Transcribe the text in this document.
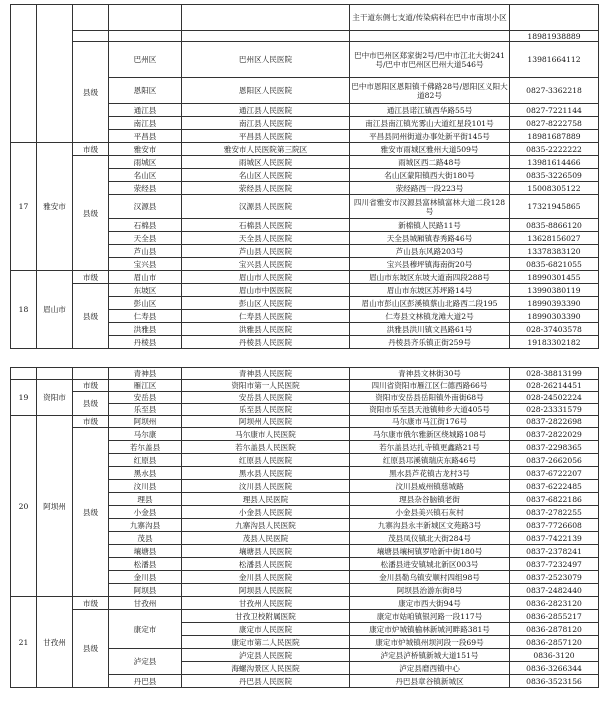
					主干道东侧七支道/传染病科在巴中市南坝小区	
						18981938889
		县级	巴州区	巴州区人民医院	巴中市巴州区郑家街2号/巴中市江北大街241号/巴中市巴州区巴州大道546号	13981664112
			恩阳区	恩阳区人民医院	巴中市恩阳区恩阳镇千佛路28号/恩阳区义阳大道82号	0827-3362218
			通江县	通江县人民医院	通江县诺江镇西华路55号	0827-7221144
			南江县	南江县人民医院	南江县南江镇光雾山大道红星段101号	0827-8222758
			平昌县	平昌县人民医院	平昌县同州街道办事处新平街145号	18981687889
17	雅安市	市级	雅安市	雅安市人民医院第三院区	雅安市雨城区雅州大道509号	0835-2222222
		县级	雨城区	雨城区人民医院	雨城区西二路48号	13981614466
			名山区	名山区人民医院	名山区蒙阳镇西大街180号	0835-3226509
			荥经县	荥经县人民医院	荥经路西一段223号	15008305122
			汉源县	汉源县人民医院	四川省雅安市汉源县富林镇富林大道二段128号	17321945865
			石棉县	石棉县人民医院	新棉镇人民路11号	0835-8866120
			天全县	天全县人民医院	天全县城厢镇春秀路46号	13628156027
			芦山县	芦山县人民医院	芦山县东风路203号	13378383120
			宝兴县	宝兴县人民医院	宝兴县穆坪镇海南街20号	0835-6821055
18	眉山市	市级	眉山市	眉山市人民医院	眉山市东坡区东坡大道南四段288号	18990301455
		县级	东坡区	眉山市中医医院	眉山市东坡区苏坪路14号	13990380119
			彭山区	彭山区人民医院	眉山市彭山区彭溪镇蔡山北路西二段195	18990393390
			仁寿县	仁寿县人民医院	仁寿县文林镇龙滩大道2号	18990303390
			洪雅县	洪雅县人民医院	洪雅县洪川镇文昌路61号	028-37403578
			丹棱县	丹棱县人民医院	丹棱县齐乐镇正街259号	19183302182
			青神县	青神县人民医院	青神县文林街30号	028-38813199
19	资阳市	市级	雁江区	资阳市第一人民医院	四川省资阳市雁江区仁德西路66号	028-26214451
		县级	安岳县	安岳县人民医院	资阳市安岳县岳阳镇外南街68号	028-24502224
			乐至县	乐至县人民医院	资阳市乐至县天池镇帅乡大道405号	028-23331579
20	阿坝州	市级	阿坝州	阿坝州人民医院	马尔康市马江街176号	0837-2822698
		县级	马尔康	马尔康市人民医院	马尔康市俄尔雅新区绕城路108号	0837-2822029
			若尔盖县	若尔盖县人民医院	若尔盖县达扎寺镇更鑫路21号	0837-2298365
			红原县	红原县人民医院	红原县邛溪镇瑞庆东路46号	0837-2662056
			黑水县	黑水县人民医院	黑水县芦花镇古龙村3号	0837-6722207
			汶川县	汶川县人民医院	汶川县威州镇慈城路	0837-6222485
			理县	理县人民医院	理县杂谷脑镇老街	0837-6822186
			小金县	小金县人民医院	小金县美兴镇石灰村	0837-2782255
			九寨沟县	九寨沟县人民医院	九寨沟县永丰新城区文苑路3号	0837-7726608
			茂县	茂县人民医院	茂县凤仪镇北大街284号	0837-7422139
			壤塘县	壤塘县人民医院	壤塘县壤柯镇罗哈新中街180号	0837-2378241
			松潘县	松潘县人民医院	松潘县进安镇城北新区003号	0837-7232497
			金川县	金川县人民医院	金川县勒乌镇安顺村四组98号	0837-2523079
			阿坝县	阿坝县人民医院	阿坝县治游东街8号	0837-2482440
21	甘孜州	市级	甘孜州	甘孜州人民医院	康定市西大街94号	0836-2823120
		县级	康定市	甘孜卫校附属医院	康定市姑咱镇银河路一段117号	0836-2855217
				康定市人民医院	康定市炉城镇榆林新城河畔路381号	0836-2878120
				康定市第二人民医院	康定市炉城镇州坝河段一段69号	0836-2857120
			泸定县	泸定县人民医院	泸定县泸桥镇新城大道151号	0836-3120
				海螺沟景区人民医院	泸定县磨西镇中心	0836-3266344
			丹巴县	丹巴县人民医院	丹巴县章谷镇新城区	0836-3523156
